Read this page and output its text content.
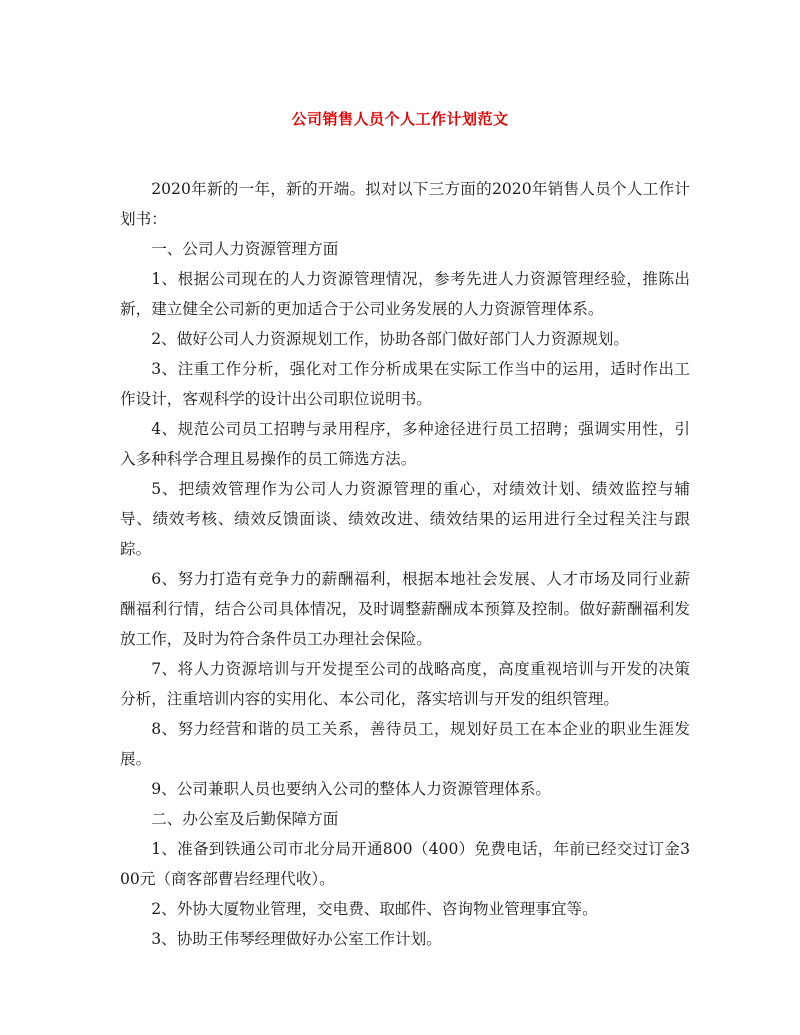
公司销售人员个人工作计划范文

2020年新的一年，新的开端。拟对以下三方面的2020年销售人员个人工作计划书：

一、公司人力资源管理方面

1、根据公司现在的人力资源管理情况，参考先进人力资源管理经验，推陈出新，建立健全公司新的更加适合于公司业务发展的人力资源管理体系。

2、做好公司人力资源规划工作，协助各部门做好部门人力资源规划。

3、注重工作分析，强化对工作分析成果在实际工作当中的运用，适时作出工作设计，客观科学的设计出公司职位说明书。

4、规范公司员工招聘与录用程序，多种途径进行员工招聘；强调实用性，引入多种科学合理且易操作的员工筛选方法。

5、把绩效管理作为公司人力资源管理的重心，对绩效计划、绩效监控与辅导、绩效考核、绩效反馈面谈、绩效改进、绩效结果的运用进行全过程关注与跟踪。

6、努力打造有竞争力的薪酬福利，根据本地社会发展、人才市场及同行业薪酬福利行情，结合公司具体情况，及时调整薪酬成本预算及控制。做好薪酬福利发放工作，及时为符合条件员工办理社会保险。

7、将人力资源培训与开发提至公司的战略高度，高度重视培训与开发的决策分析，注重培训内容的实用化、本公司化，落实培训与开发的组织管理。

8、努力经营和谐的员工关系，善待员工，规划好员工在本企业的职业生涯发展。

9、公司兼职人员也要纳入公司的整体人力资源管理体系。

二、办公室及后勤保障方面

1、准备到铁通公司市北分局开通800（400）免费电话，年前已经交过订金300元（商客部曹岩经理代收）。

2、外协大厦物业管理，交电费、取邮件、咨询物业管理事宜等。

3、协助王伟琴经理做好办公室工作计划。
